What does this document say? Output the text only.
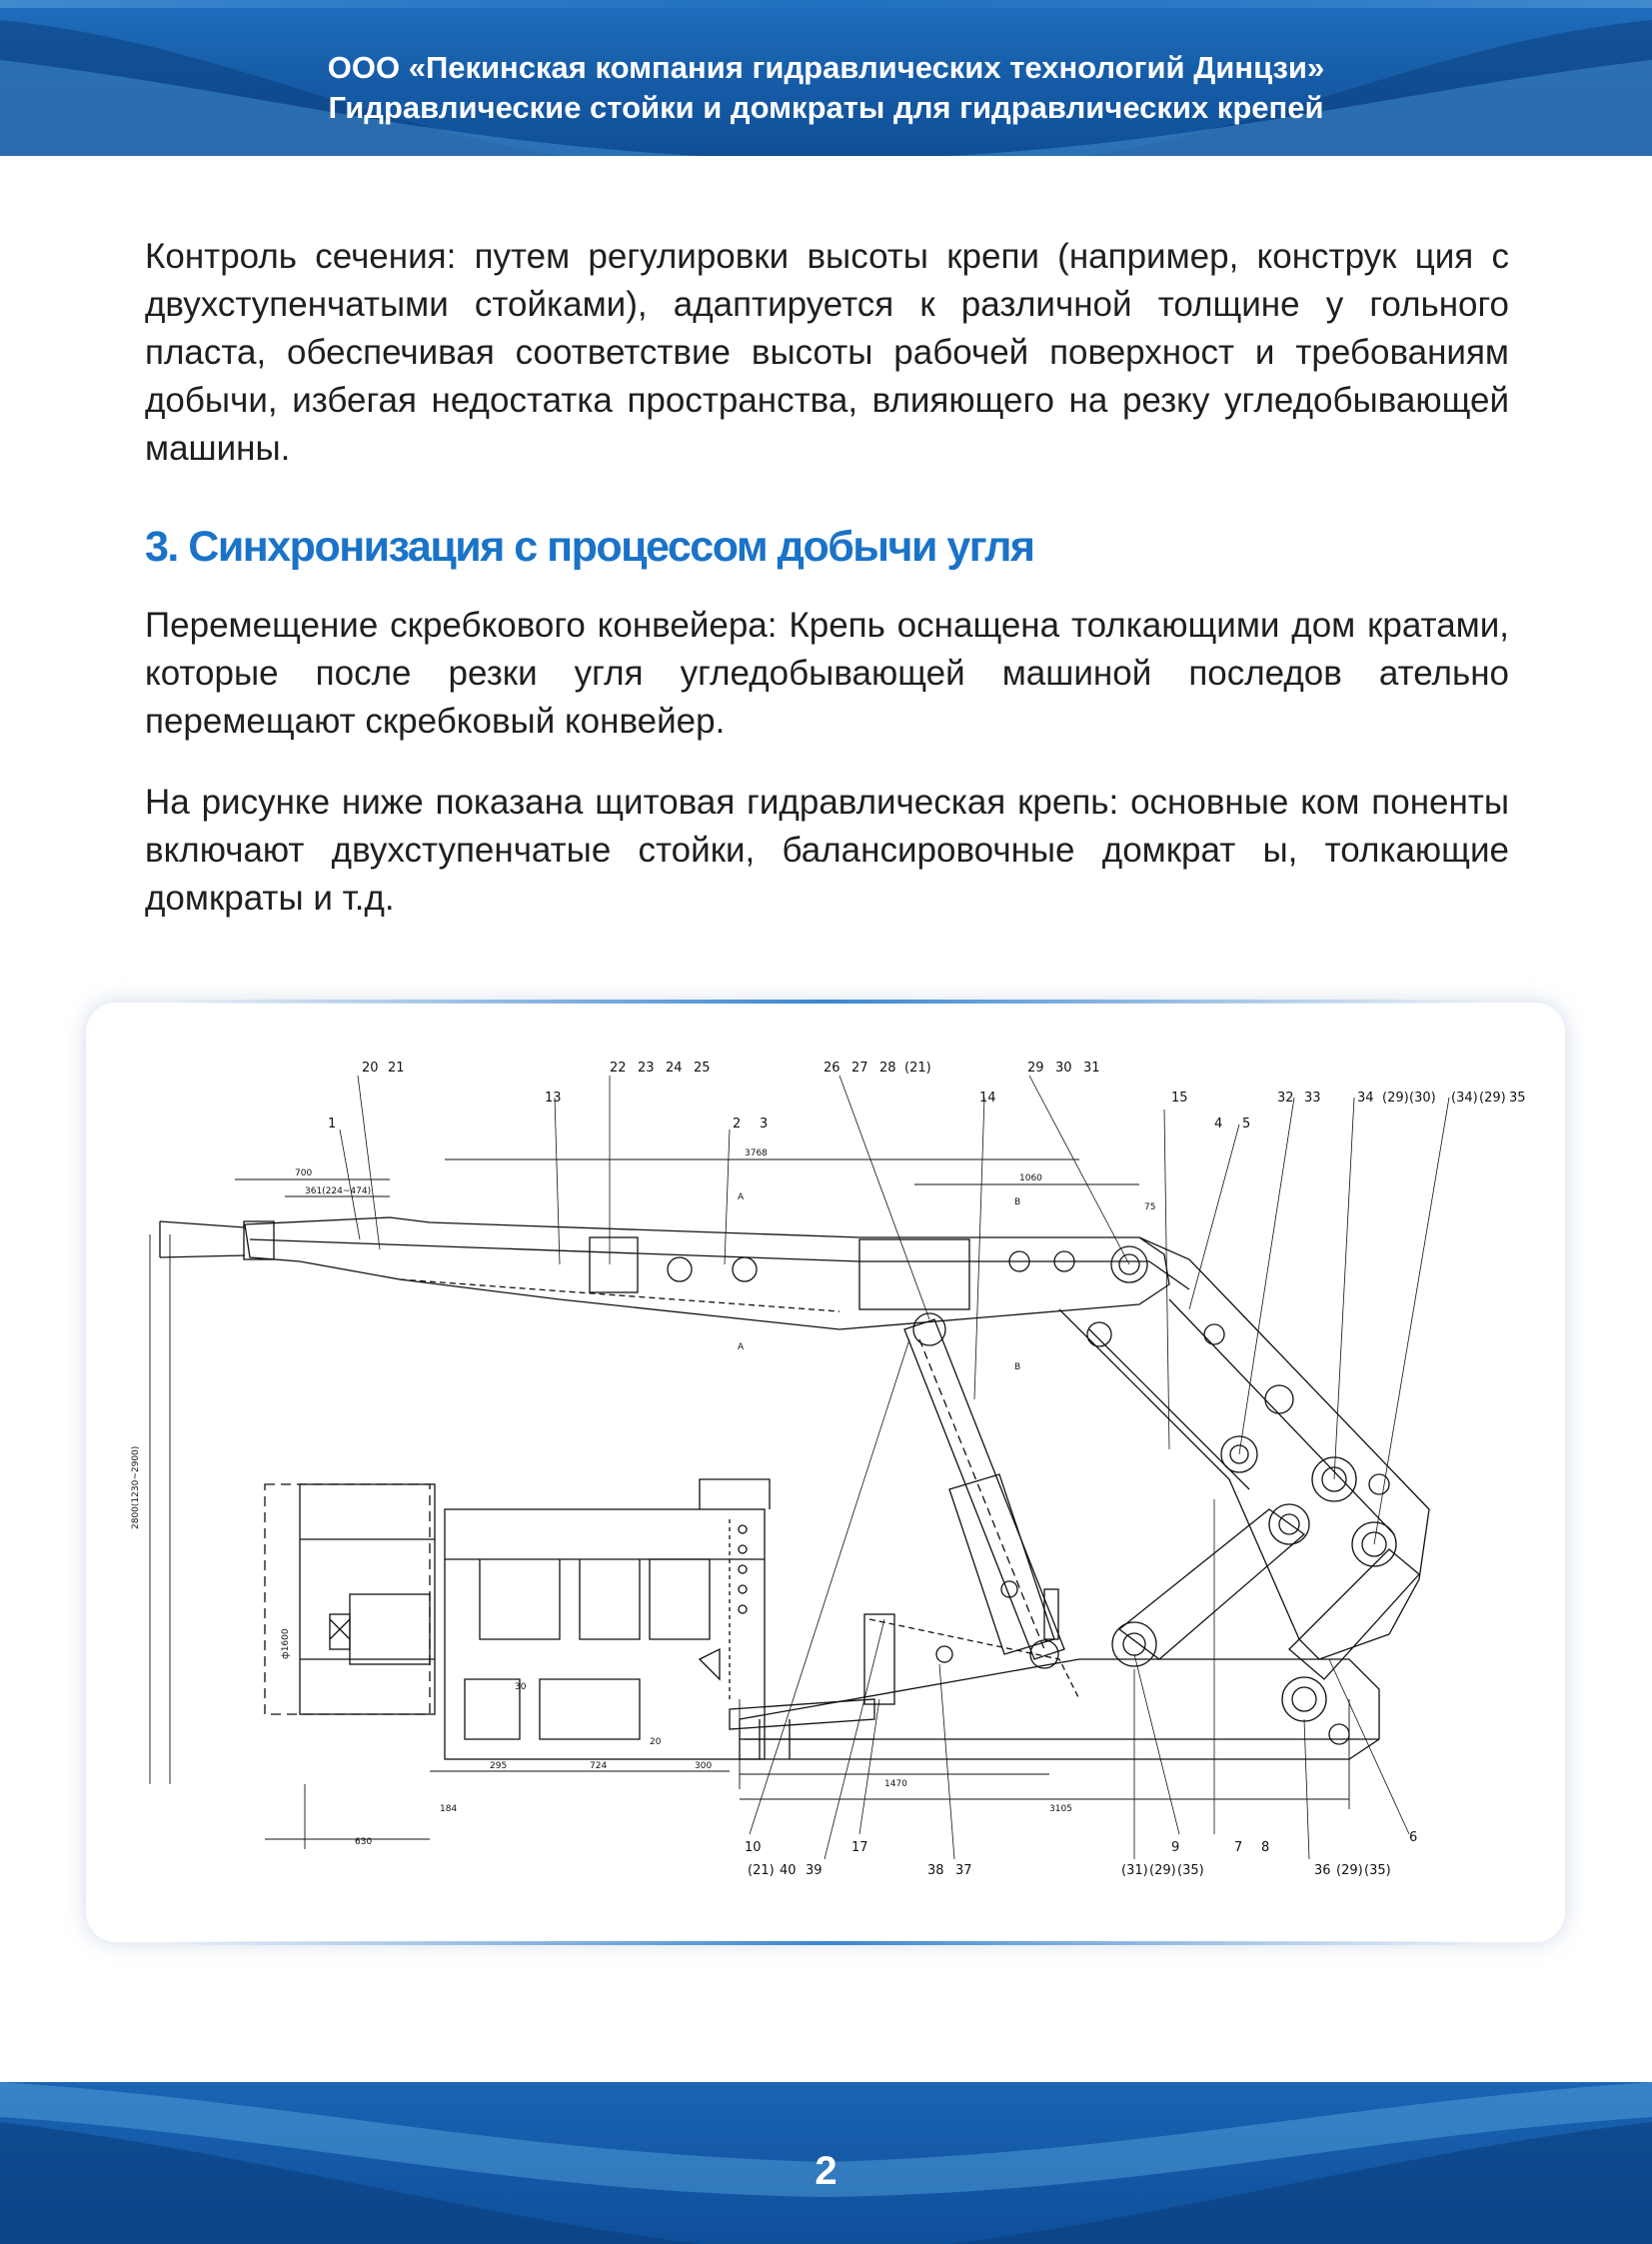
ООО «Пекинская компания гидравлических технологий Динцзи»
Гидравлические стойки и домкраты для гидравлических крепей

Контроль сечения: путем регулировки высоты крепи (например, конструк ция с двухступенчатыми стойками), адаптируется к различной толщине у гольного пласта, обеспечивая соответствие высоты рабочей поверхност и требованиям добычи, избегая недостатка пространства, влияющего на резку угледобывающей машины.

3. Синхронизация с процессом добычи угля

Перемещение скребкового конвейера: Крепь оснащена толкающими дом кратами, которые после резки угля угледобывающей машиной последов ательно перемещают скребковый конвейер.

На рисунке ниже показана щитовая гидравлическая крепь: основные ком поненты включают двухступенчатые стойки, балансировочные домкрат ы, толкающие домкраты и т.д.

700
361(224~474)
3768
1060
75
2800(1230~2900)
ф1600
295	724	300
1470
3105
184
630
20
30
A
A
B
B
20 21
1
13
22 23 24 25
2 3
26 27 28 (21)
14
29 30 31
15
4 5
32 33	34 (29) (30) (34) (29) 35
10
(21) 40 39
17
38 37	(31) (29) (35)
9	7 8
36 (29) (35)
6
2
